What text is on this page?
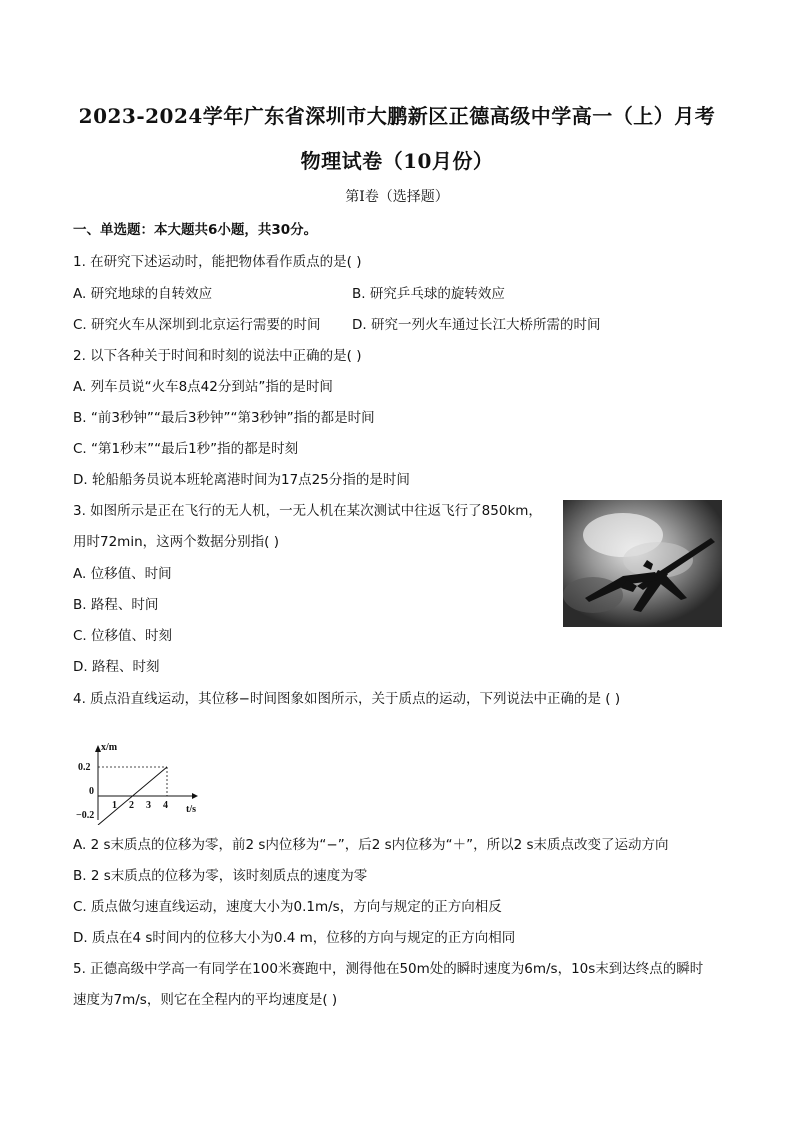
2023-2024学年广东省深圳市大鹏新区正德高级中学高一（上）月考
物理试卷（10月份）
第I卷（选择题）
一、单选题：本大题共6小题，共30分。
1. 在研究下述运动时，能把物体看作质点的是( )
A. 研究地球的自转效应	B. 研究乒乓球的旋转效应
C. 研究火车从深圳到北京运行需要的时间 D. 研究一列火车通过长江大桥所需的时间
2. 以下各种关于时间和时刻的说法中正确的是( )
A. 列车员说“火车8点42分到站”指的是时间
B. “前3秒钟”“最后3秒钟”“第3秒钟”指的都是时间
C. “第1秒末”“最后1秒”指的都是时刻
D. 轮船船务员说本班轮离港时间为17点25分指的是时间
3. 如图所示是正在飞行的无人机，一无人机在某次测试中往返飞行了850km，
用时72min，这两个数据分别指( )
A. 位移值、时间
B. 路程、时间
C. 位移值、时刻
D. 路程、时刻
4. 质点沿直线运动，其位移−时间图象如图所示，关于质点的运动，下列说法中正确的是 ( )
x/m
t/s
0.2
0
−0.2
1 2 3 4
A. 2 s末质点的位移为零，前2 s内位移为“−”，后2 s内位移为“＋”，所以2 s末质点改变了运动方向
B. 2 s末质点的位移为零，该时刻质点的速度为零
C. 质点做匀速直线运动，速度大小为0.1m/s，方向与规定的正方向相反
D. 质点在4 s时间内的位移大小为0.4 m，位移的方向与规定的正方向相同
5. 正德高级中学高一有同学在100米赛跑中，测得他在50m处的瞬时速度为6m/s，10s末到达终点的瞬时
速度为7m/s，则它在全程内的平均速度是( )
